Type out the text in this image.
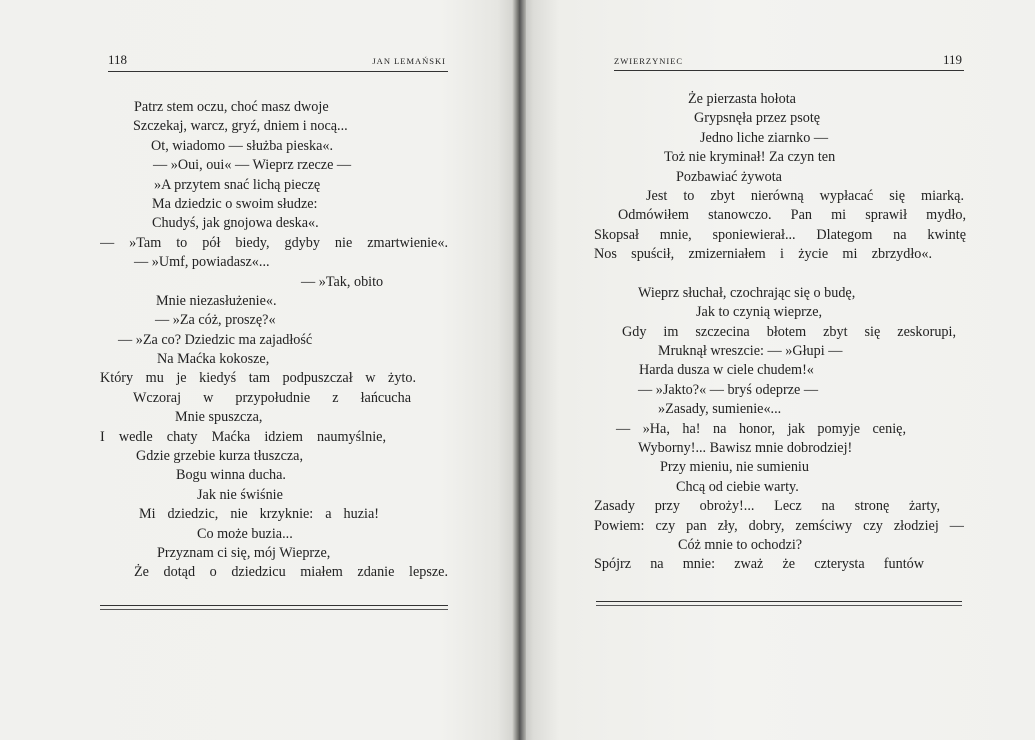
118	JAN LEMAŃSKI
Patrz stem oczu, choć masz dwoje
Szczekaj, warcz, gryź, dniem i nocą...
Ot, wiadomo — służba pieska«.
— »Oui, oui« — Wieprz rzecze —
»A przytem snać lichą pieczę
Ma dziedzic o swoim słudze:
Chudyś, jak gnojowa deska«.
— »Tam to pół biedy, gdyby nie zmartwienie«.
— »Umf, powiadasz«...
— »Tak, obito
Mnie niezasłużenie«.
— »Za cóż, proszę?«
— »Za co? Dziedzic ma zajadłość
Na Maćka kokosze,
Który mu je kiedyś tam podpuszczał w żyto.
Wczoraj w przypołudnie z łańcucha
Mnie spuszcza,
I wedle chaty Maćka idziem naumyślnie,
Gdzie grzebie kurza tłuszcza,
Bogu winna ducha.
Jak nie świśnie
Mi dziedzic, nie krzyknie: a huzia!
Co może buzia...
Przyznam ci się, mój Wieprze,
Że dotąd o dziedzicu miałem zdanie lepsze.
ZWIERZYNIEC	119
Że pierzasta hołota
Grypsnęła przez psotę
Jedno liche ziarnko —
Toż nie kryminał! Za czyn ten
Pozbawiać żywota
Jest to zbyt nierówną wypłacać się miarką.
Odmówiłem stanowczo. Pan mi sprawił mydło,
Skopsał mnie, sponiewierał... Dlategom na kwintę
Nos spuścił, zmizerniałem i życie mi zbrzydło«.
Wieprz słuchał, czochrając się o budę,
Jak to czynią wieprze,
Gdy im szczecina błotem zbyt się zeskorupi,
Mruknął wreszcie: — »Głupi —
Harda dusza w ciele chudem!«
— »Jakto?« — bryś odeprze —
»Zasady, sumienie«...
— »Ha, ha! na honor, jak pomyje cenię,
Wyborny!... Bawisz mnie dobrodziej!
Przy mieniu, nie sumieniu
Chcą od ciebie warty.
Zasady przy obroży!... Lecz na stronę żarty,
Powiem: czy pan zły, dobry, zemściwy czy złodziej —
Cóż mnie to ochodzi?
Spójrz na mnie: zważ że czterysta funtów
